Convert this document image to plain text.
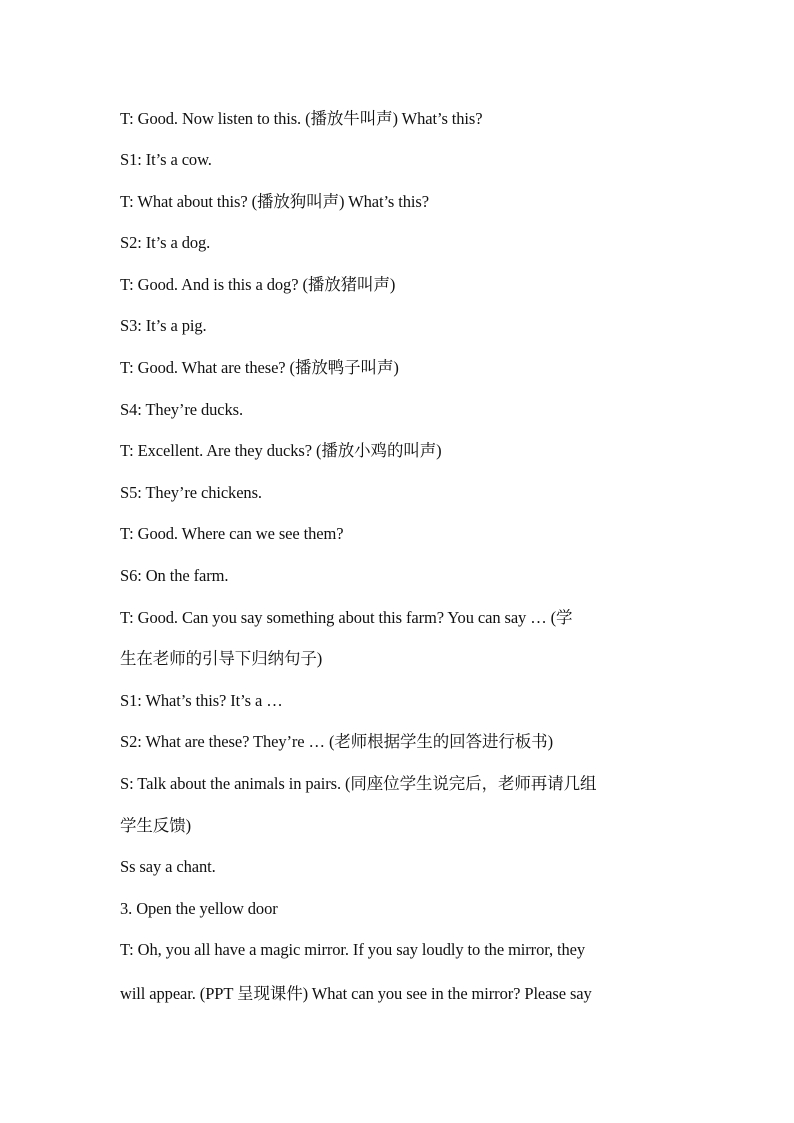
T: Good. Now listen to this. (播放牛叫声) What’s this?
S1: It’s a cow.
T: What about this? (播放狗叫声) What’s this?
S2: It’s a dog.
T: Good. And is this a dog? (播放猪叫声)
S3: It’s a pig.
T: Good. What are these? (播放鸭子叫声)
S4: They’re ducks.
T: Excellent. Are they ducks? (播放小鸡的叫声)
S5: They’re chickens.
T: Good. Where can we see them?
S6: On the farm.
T: Good. Can you say something about this farm? You can say … (学
生在老师的引导下归纳句子)
S1: What’s this? It’s a …
S2: What are these? They’re … (老师根据学生的回答进行板书)
S: Talk about the animals in pairs. (同座位学生说完后，老师再请几组
学生反馈)
Ss say a chant.
3. Open the yellow door
T: Oh, you all have a magic mirror. If you say loudly to the mirror, they
will appear. (PPT 呈现课件) What can you see in the mirror? Please say
